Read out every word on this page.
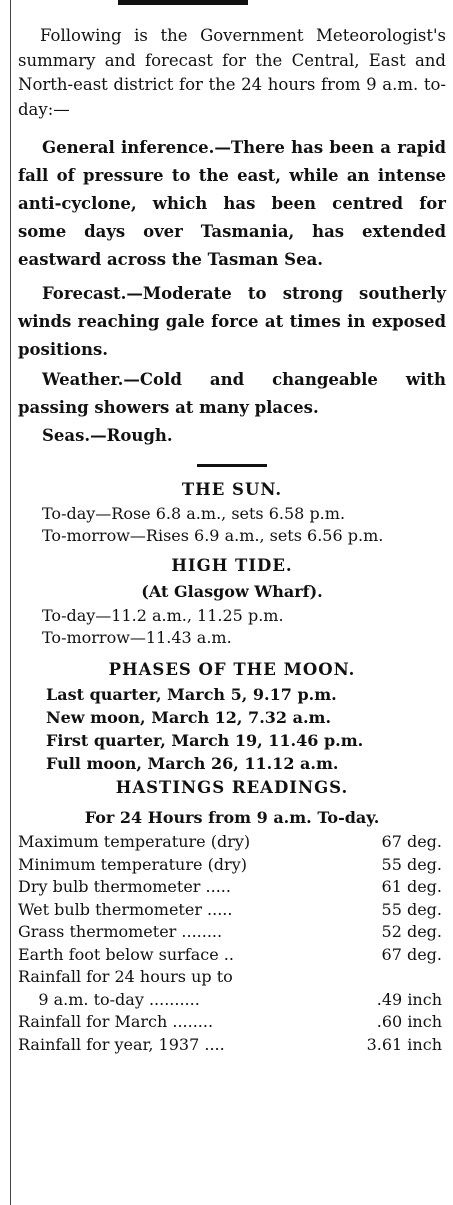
Following is the Government Meteorologist's summary and forecast for the Central, East and North-east district for the 24 hours from 9 a.m. to-day:—

General inference.—There has been a rapid fall of pressure to the east, while an intense anti-cyclone, which has been centred for some days over Tasmania, has extended eastward across the Tasman Sea.

Forecast.—Moderate to strong southerly winds reaching gale force at times in exposed positions.

Weather.—Cold and changeable with passing showers at many places.

Seas.—Rough.

THE SUN.
To-day—Rose 6.8 a.m., sets 6.58 p.m.
To-morrow—Rises 6.9 a.m., sets 6.56 p.m.
HIGH TIDE.
(At Glasgow Wharf).
To-day—11.2 a.m., 11.25 p.m.
To-morrow—11.43 a.m.
PHASES OF THE MOON.
Last quarter, March 5, 9.17 p.m.
New moon, March 12, 7.32 a.m.
First quarter, March 19, 11.46 p.m.
Full moon, March 26, 11.12 a.m.
HASTINGS READINGS.
For 24 Hours from 9 a.m. To-day.
Maximum temperature (dry)	67 deg.
Minimum temperature (dry)	55 deg.
Dry bulb thermometer .....	61 deg.
Wet bulb thermometer .....	55 deg.
Grass thermometer ........	52 deg.
Earth foot below surface ..	67 deg.
Rainfall for 24 hours up to	
9 a.m. to-day ..........	.49 inch
Rainfall for March ........	.60 inch
Rainfall for year, 1937 ....	3.61 inch
